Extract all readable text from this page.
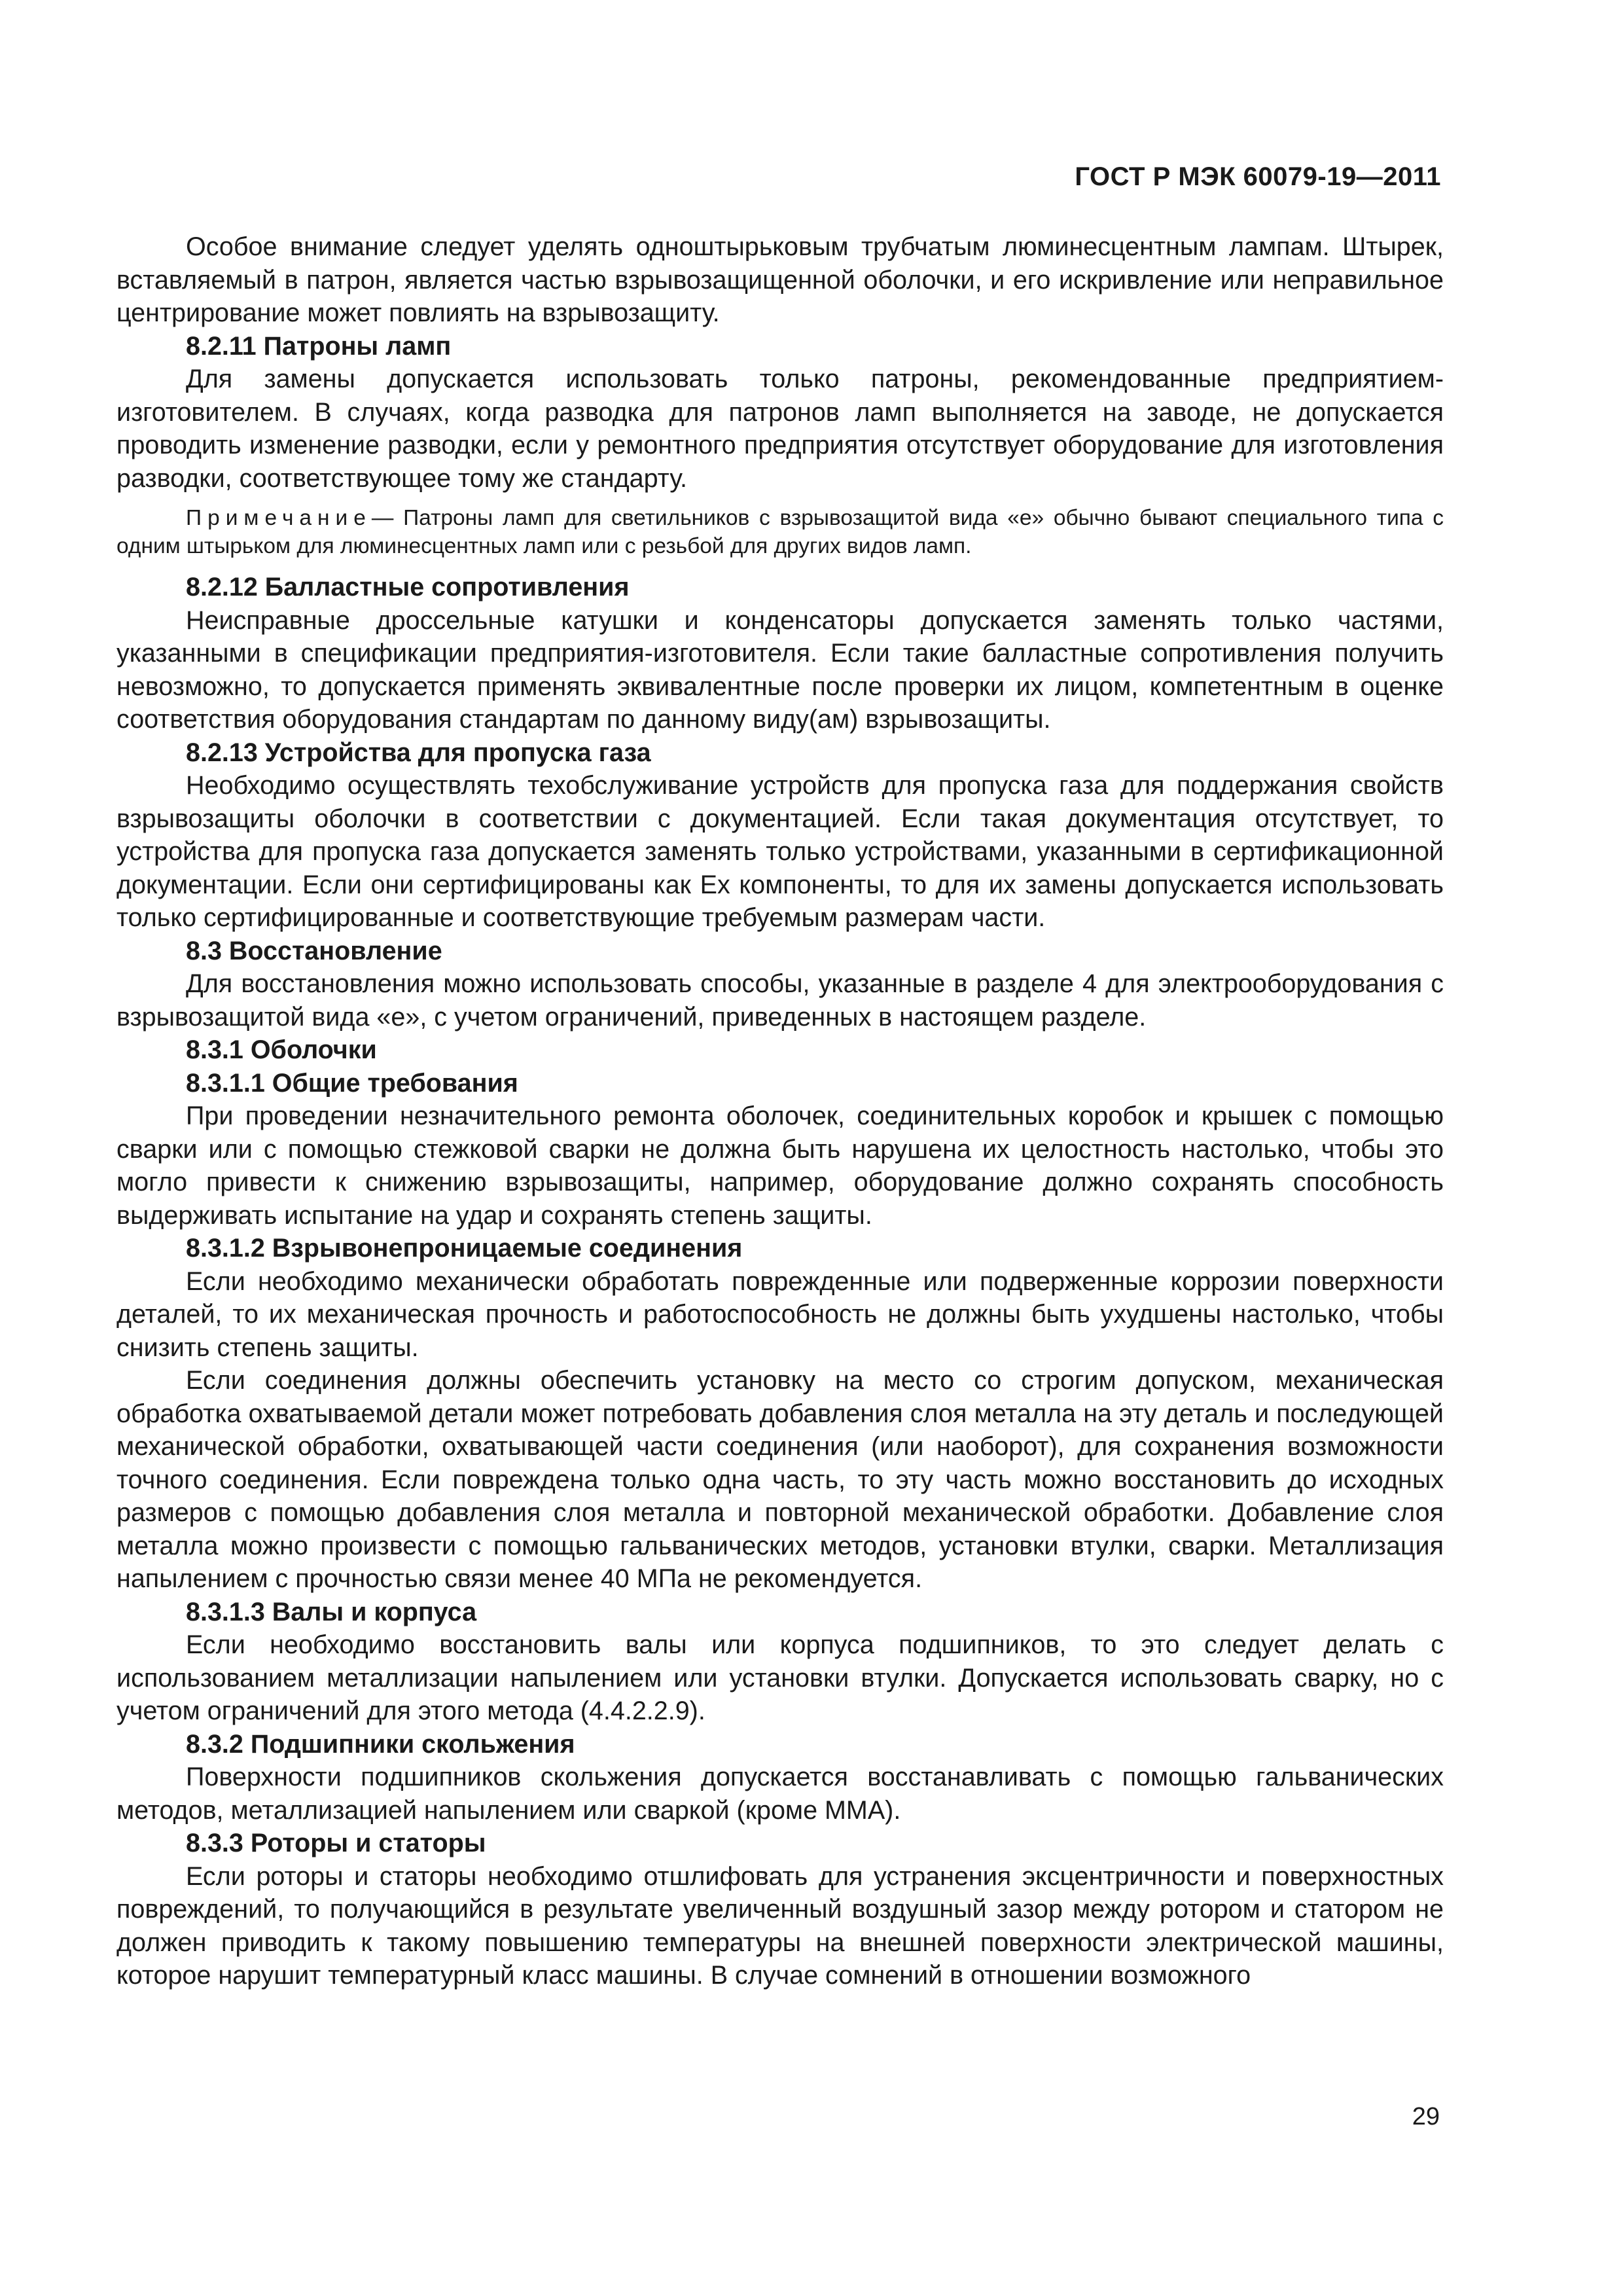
ГОСТ Р МЭК 60079-19—2011

Особое внимание следует уделять одноштырьковым трубчатым люминесцентным лампам. Штырек, вставляемый в патрон, является частью взрывозащищенной оболочки, и его искривление или неправильное центрирование может повлиять на взрывозащиту.

8.2.11 Патроны ламп

Для замены допускается использовать только патроны, рекомендованные предприятием-изготовителем. В случаях, когда разводка для патронов ламп выполняется на заводе, не допускается проводить изменение разводки, если у ремонтного предприятия отсутствует оборудование для изготовления разводки, соответствующее тому же стандарту.

Примечание— Патроны ламп для светильников с взрывозащитой вида «е» обычно бывают специального типа с одним штырьком для люминесцентных ламп или с резьбой для других видов ламп.

8.2.12 Балластные сопротивления

Неисправные дроссельные катушки и конденсаторы допускается заменять только частями, указанными в спецификации предприятия-изготовителя. Если такие балластные сопротивления получить невозможно, то допускается применять эквивалентные после проверки их лицом, компетентным в оценке соответствия оборудования стандартам по данному виду(ам) взрывозащиты.

8.2.13 Устройства для пропуска газа

Необходимо осуществлять техобслуживание устройств для пропуска газа для поддержания свойств взрывозащиты оболочки в соответствии с документацией. Если такая документация отсутствует, то устройства для пропуска газа допускается заменять только устройствами, указанными в сертификационной документации. Если они сертифицированы как Ex компоненты, то для их замены допускается использовать только сертифицированные и соответствующие требуемым размерам части.

8.3 Восстановление

Для восстановления можно использовать способы, указанные в разделе 4 для электрооборудования с взрывозащитой вида «е», с учетом ограничений, приведенных в настоящем разделе.

8.3.1 Оболочки

8.3.1.1 Общие требования

При проведении незначительного ремонта оболочек, соединительных коробок и крышек с помощью сварки или с помощью стежковой сварки не должна быть нарушена их целостность настолько, чтобы это могло привести к снижению взрывозащиты, например, оборудование должно сохранять способность выдерживать испытание на удар и сохранять степень защиты.

8.3.1.2 Взрывонепроницаемые соединения

Если необходимо механически обработать поврежденные или подверженные коррозии поверхности деталей, то их механическая прочность и работоспособность не должны быть ухудшены настолько, чтобы снизить степень защиты.

Если соединения должны обеспечить установку на место со строгим допуском, механическая обработка охватываемой детали может потребовать добавления слоя металла на эту деталь и последующей механической обработки, охватывающей части соединения (или наоборот), для сохранения возможности точного соединения. Если повреждена только одна часть, то эту часть можно восстановить до исходных размеров с помощью добавления слоя металла и повторной механической обработки. Добавление слоя металла можно произвести с помощью гальванических методов, установки втулки, сварки. Металлизация напылением с прочностью связи менее 40 МПа не рекомендуется.

8.3.1.3 Валы и корпуса

Если необходимо восстановить валы или корпуса подшипников, то это следует делать с использованием металлизации напылением или установки втулки. Допускается использовать сварку, но с учетом ограничений для этого метода (4.4.2.2.9).

8.3.2 Подшипники скольжения

Поверхности подшипников скольжения допускается восстанавливать с помощью гальванических методов, металлизацией напылением или сваркой (кроме ММА).

8.3.3 Роторы и статоры

Если роторы и статоры необходимо отшлифовать для устранения эксцентричности и поверхностных повреждений, то получающийся в результате увеличенный воздушный зазор между ротором и статором не должен приводить к такому повышению температуры на внешней поверхности электрической машины, которое нарушит температурный класс машины. В случае сомнений в отношении возможного

29
